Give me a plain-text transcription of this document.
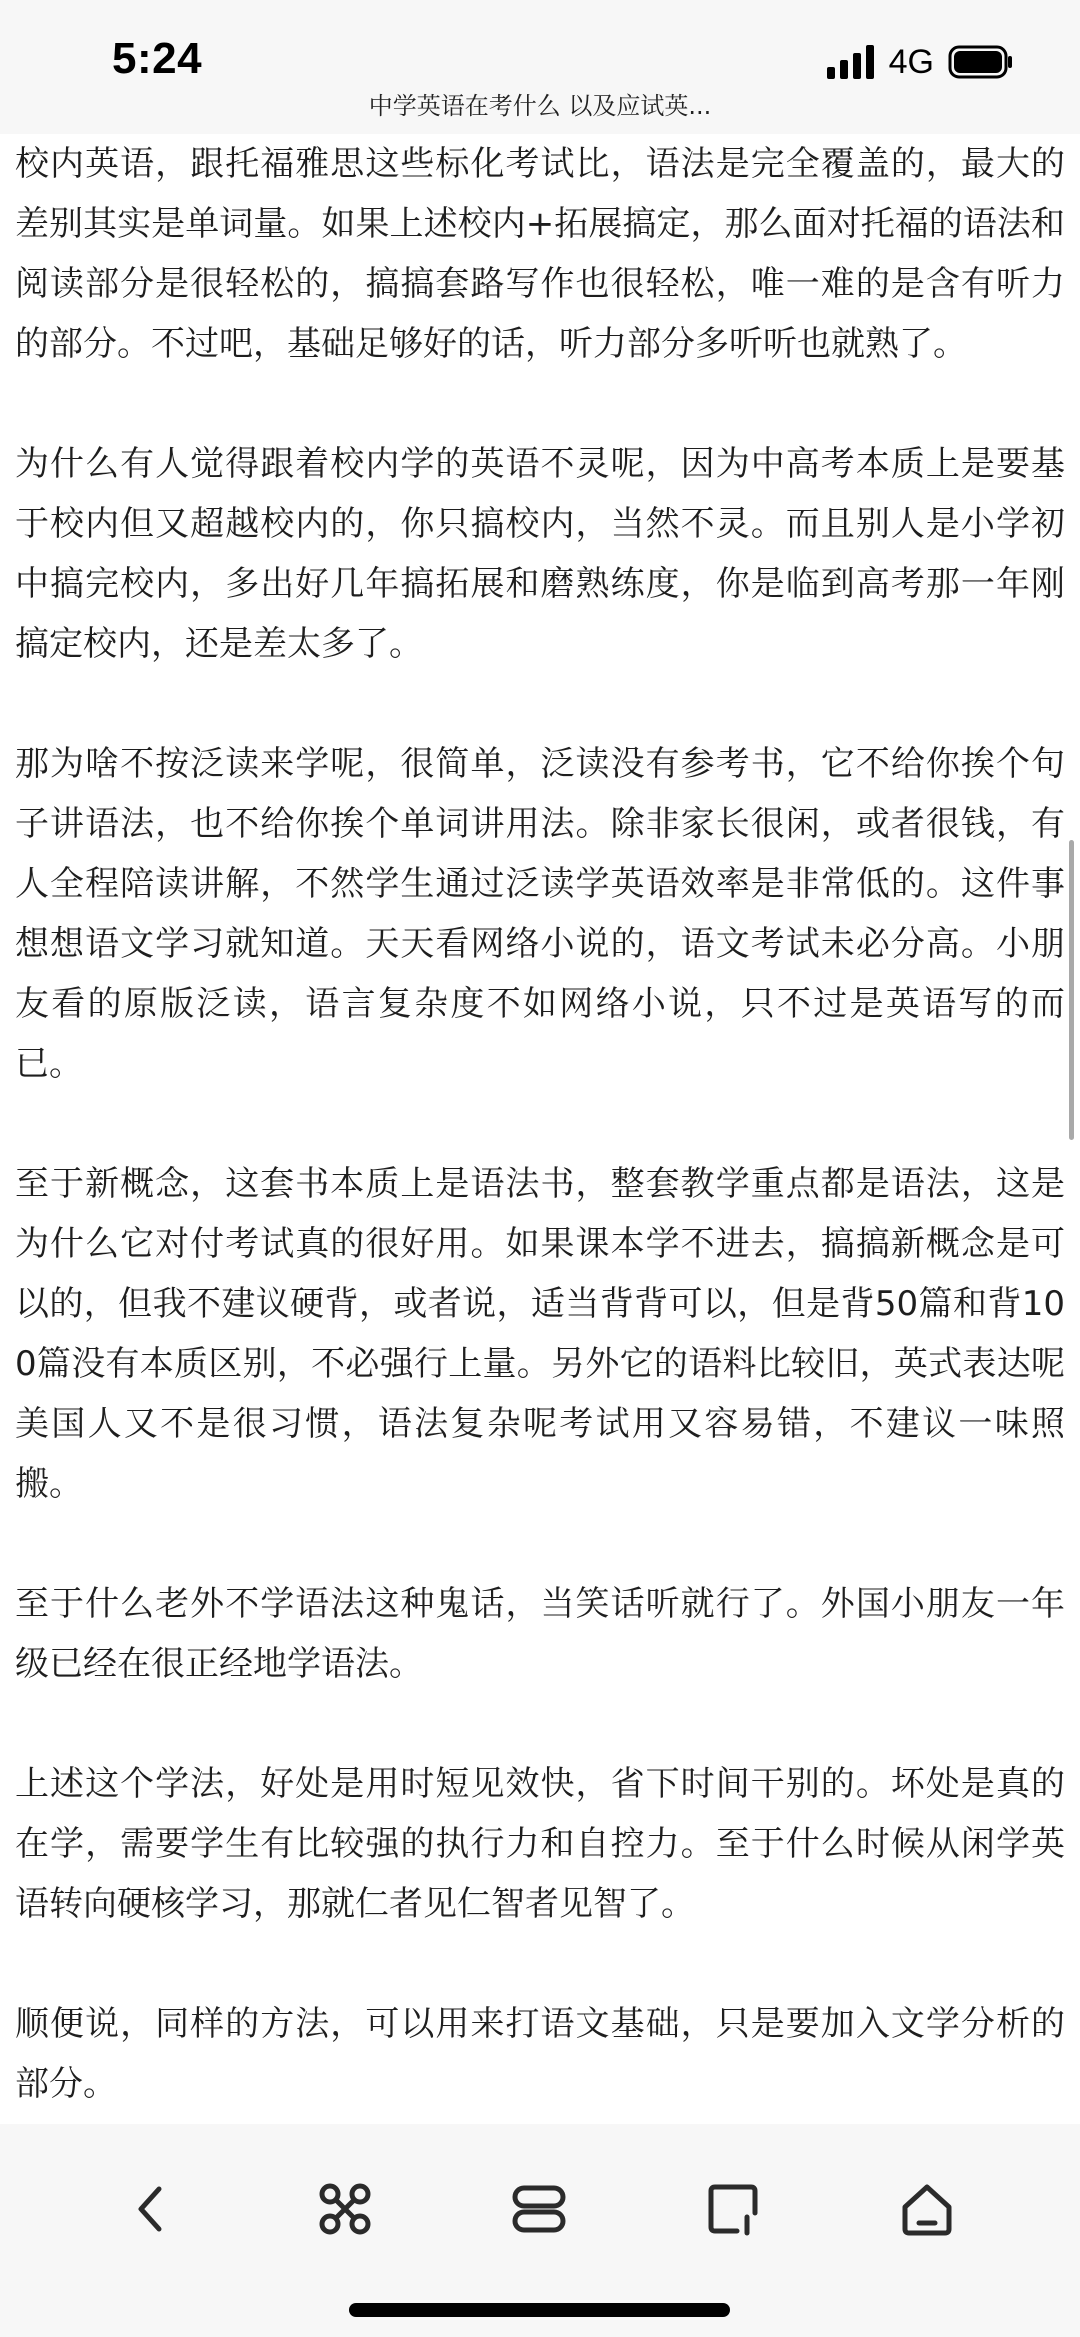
5:24	4G
中学英语在考什么 以及应试英...

校内英语，跟托福雅思这些标化考试比，语法是完全覆盖的，最大的差别其实是单词量。如果上述校内+拓展搞定，那么面对托福的语法和阅读部分是很轻松的，搞搞套路写作也很轻松，唯一难的是含有听力的部分。不过吧，基础足够好的话，听力部分多听听也就熟了。

为什么有人觉得跟着校内学的英语不灵呢，因为中高考本质上是要基于校内但又超越校内的，你只搞校内，当然不灵。而且别人是小学初中搞完校内，多出好几年搞拓展和磨熟练度，你是临到高考那一年刚搞定校内，还是差太多了。

那为啥不按泛读来学呢，很简单，泛读没有参考书，它不给你挨个句子讲语法，也不给你挨个单词讲用法。除非家长很闲，或者很钱，有人全程陪读讲解，不然学生通过泛读学英语效率是非常低的。这件事想想语文学习就知道。天天看网络小说的，语文考试未必分高。小朋友看的原版泛读，语言复杂度不如网络小说，只不过是英语写的而已。

至于新概念，这套书本质上是语法书，整套教学重点都是语法，这是为什么它对付考试真的很好用。如果课本学不进去，搞搞新概念是可以的，但我不建议硬背，或者说，适当背背可以，但是背50篇和背100篇没有本质区别，不必强行上量。另外它的语料比较旧，英式表达呢美国人又不是很习惯，语法复杂呢考试用又容易错，不建议一味照搬。

至于什么老外不学语法这种鬼话，当笑话听就行了。外国小朋友一年级已经在很正经地学语法。

上述这个学法，好处是用时短见效快，省下时间干别的。坏处是真的在学，需要学生有比较强的执行力和自控力。至于什么时候从闲学英语转向硬核学习，那就仁者见仁智者见智了。

顺便说，同样的方法，可以用来打语文基础，只是要加入文学分析的部分。
